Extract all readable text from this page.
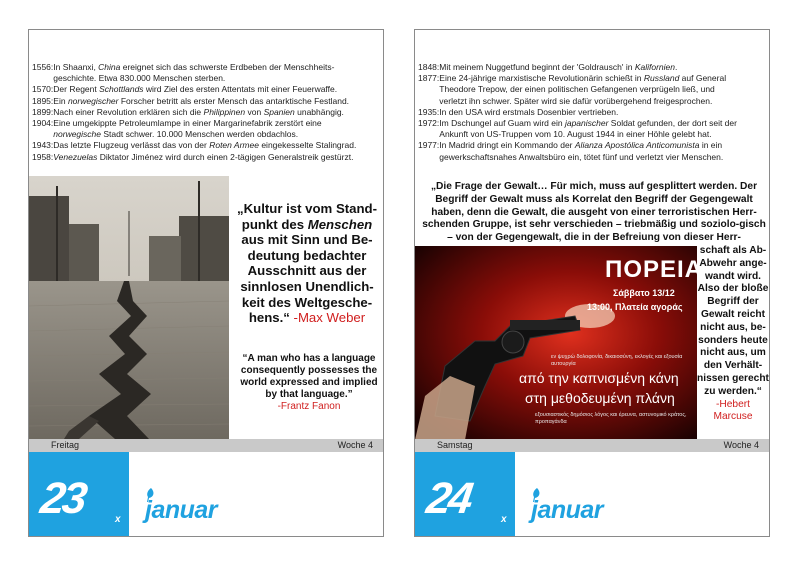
1556: In Shaanxi, China ereignet sich das schwerste Erdbeben der Menschheits-
geschichte. Etwa 830.000 Menschen sterben.
1570: Der Regent Schottlands wird Ziel des ersten Attentats mit einer Feuerwaffe.
1895: Ein norwegischer Forscher betritt als erster Mensch das antarktische Festland.
1899: Nach einer Revolution erklären sich die Philippinen von Spanien unabhängig.
1904: Eine umgekippte Petroleumlampe in einer Margarinefabrik zerstört eine
norwegische Stadt schwer. 10.000 Menschen werden obdachlos.
1943: Das letzte Flugzeug verlässt das von der Roten Armee eingekesselte Stalingrad.
1958: Venezuelas Diktator Jiménez wird durch einen 2-tägigen Generalstreik gestürzt.
„Kultur ist vom Stand-punkt des Menschen aus mit Sinn und Be-deutung bedachter Ausschnitt aus der sinnlosen Unendlich-keit des Weltgesche-hens.“ -Max Weber
“A man who has a language consequently possesses the world expressed and implied by that language.”
-Frantz Fanon
Freitag	Woche 4
23	x januar
1848: Mit meinem Nuggetfund beginnt der 'Goldrausch' in Kalifornien.
1877: Eine 24-jährige marxistische Revolutionärin schießt in Russland auf General
Theodore Trepow, der einen politischen Gefangenen verprügeln ließ, und
verletzt ihn schwer. Später wird sie dafür vorübergehend freigesprochen.
1935: In den USA wird erstmals Dosenbier vertrieben.
1972: Im Dschungel auf Guam wird ein japanischer Soldat gefunden, der dort seit der
Ankunft von US-Truppen vom 10. August 1944 in einer Höhle gelebt hat.
1977: In Madrid dringt ein Kommando der Alianza Apostólica Anticomunista in ein
gewerkschaftsnahes Anwaltsbüro ein, tötet fünf und verletzt vier Menschen.
„Die Frage der Gewalt… Für mich, muss auf gesplittert werden. Der Begriff der Gewalt muss als Korrelat den Begriff der Gegengewalt haben, denn die Gewalt, die ausgeht von einer terroristischen Herr-schenden Gruppe, ist sehr verschieden – triebmäßig und soziolo-gisch – von der Gegengewalt, die in der Befreiung von dieser Herr-
ΠΟΡΕΙΑ
Σάββατο 13/12
13:00, Πλατεία αγοράς
εν ψυχρώ δολοφονία, δικαιοσύνη, εκλογές και εξουσία αυτουργία
από την καπνισμένη κάνη
στη μεθοδευμένη πλάνη
εξουσιαστικός δημόσιος λόγος και έρευνα, αστυνομικό κράτος, προπαγάνδα
schaft als Ab-Abwehr ange-wandt wird. Also der bloße Begriff der Gewalt reicht nicht aus, be-sonders heute nicht aus, um den Verhält-nissen gerecht zu werden.“
-Hebert Marcuse
Samstag	Woche 4
24	x januar
